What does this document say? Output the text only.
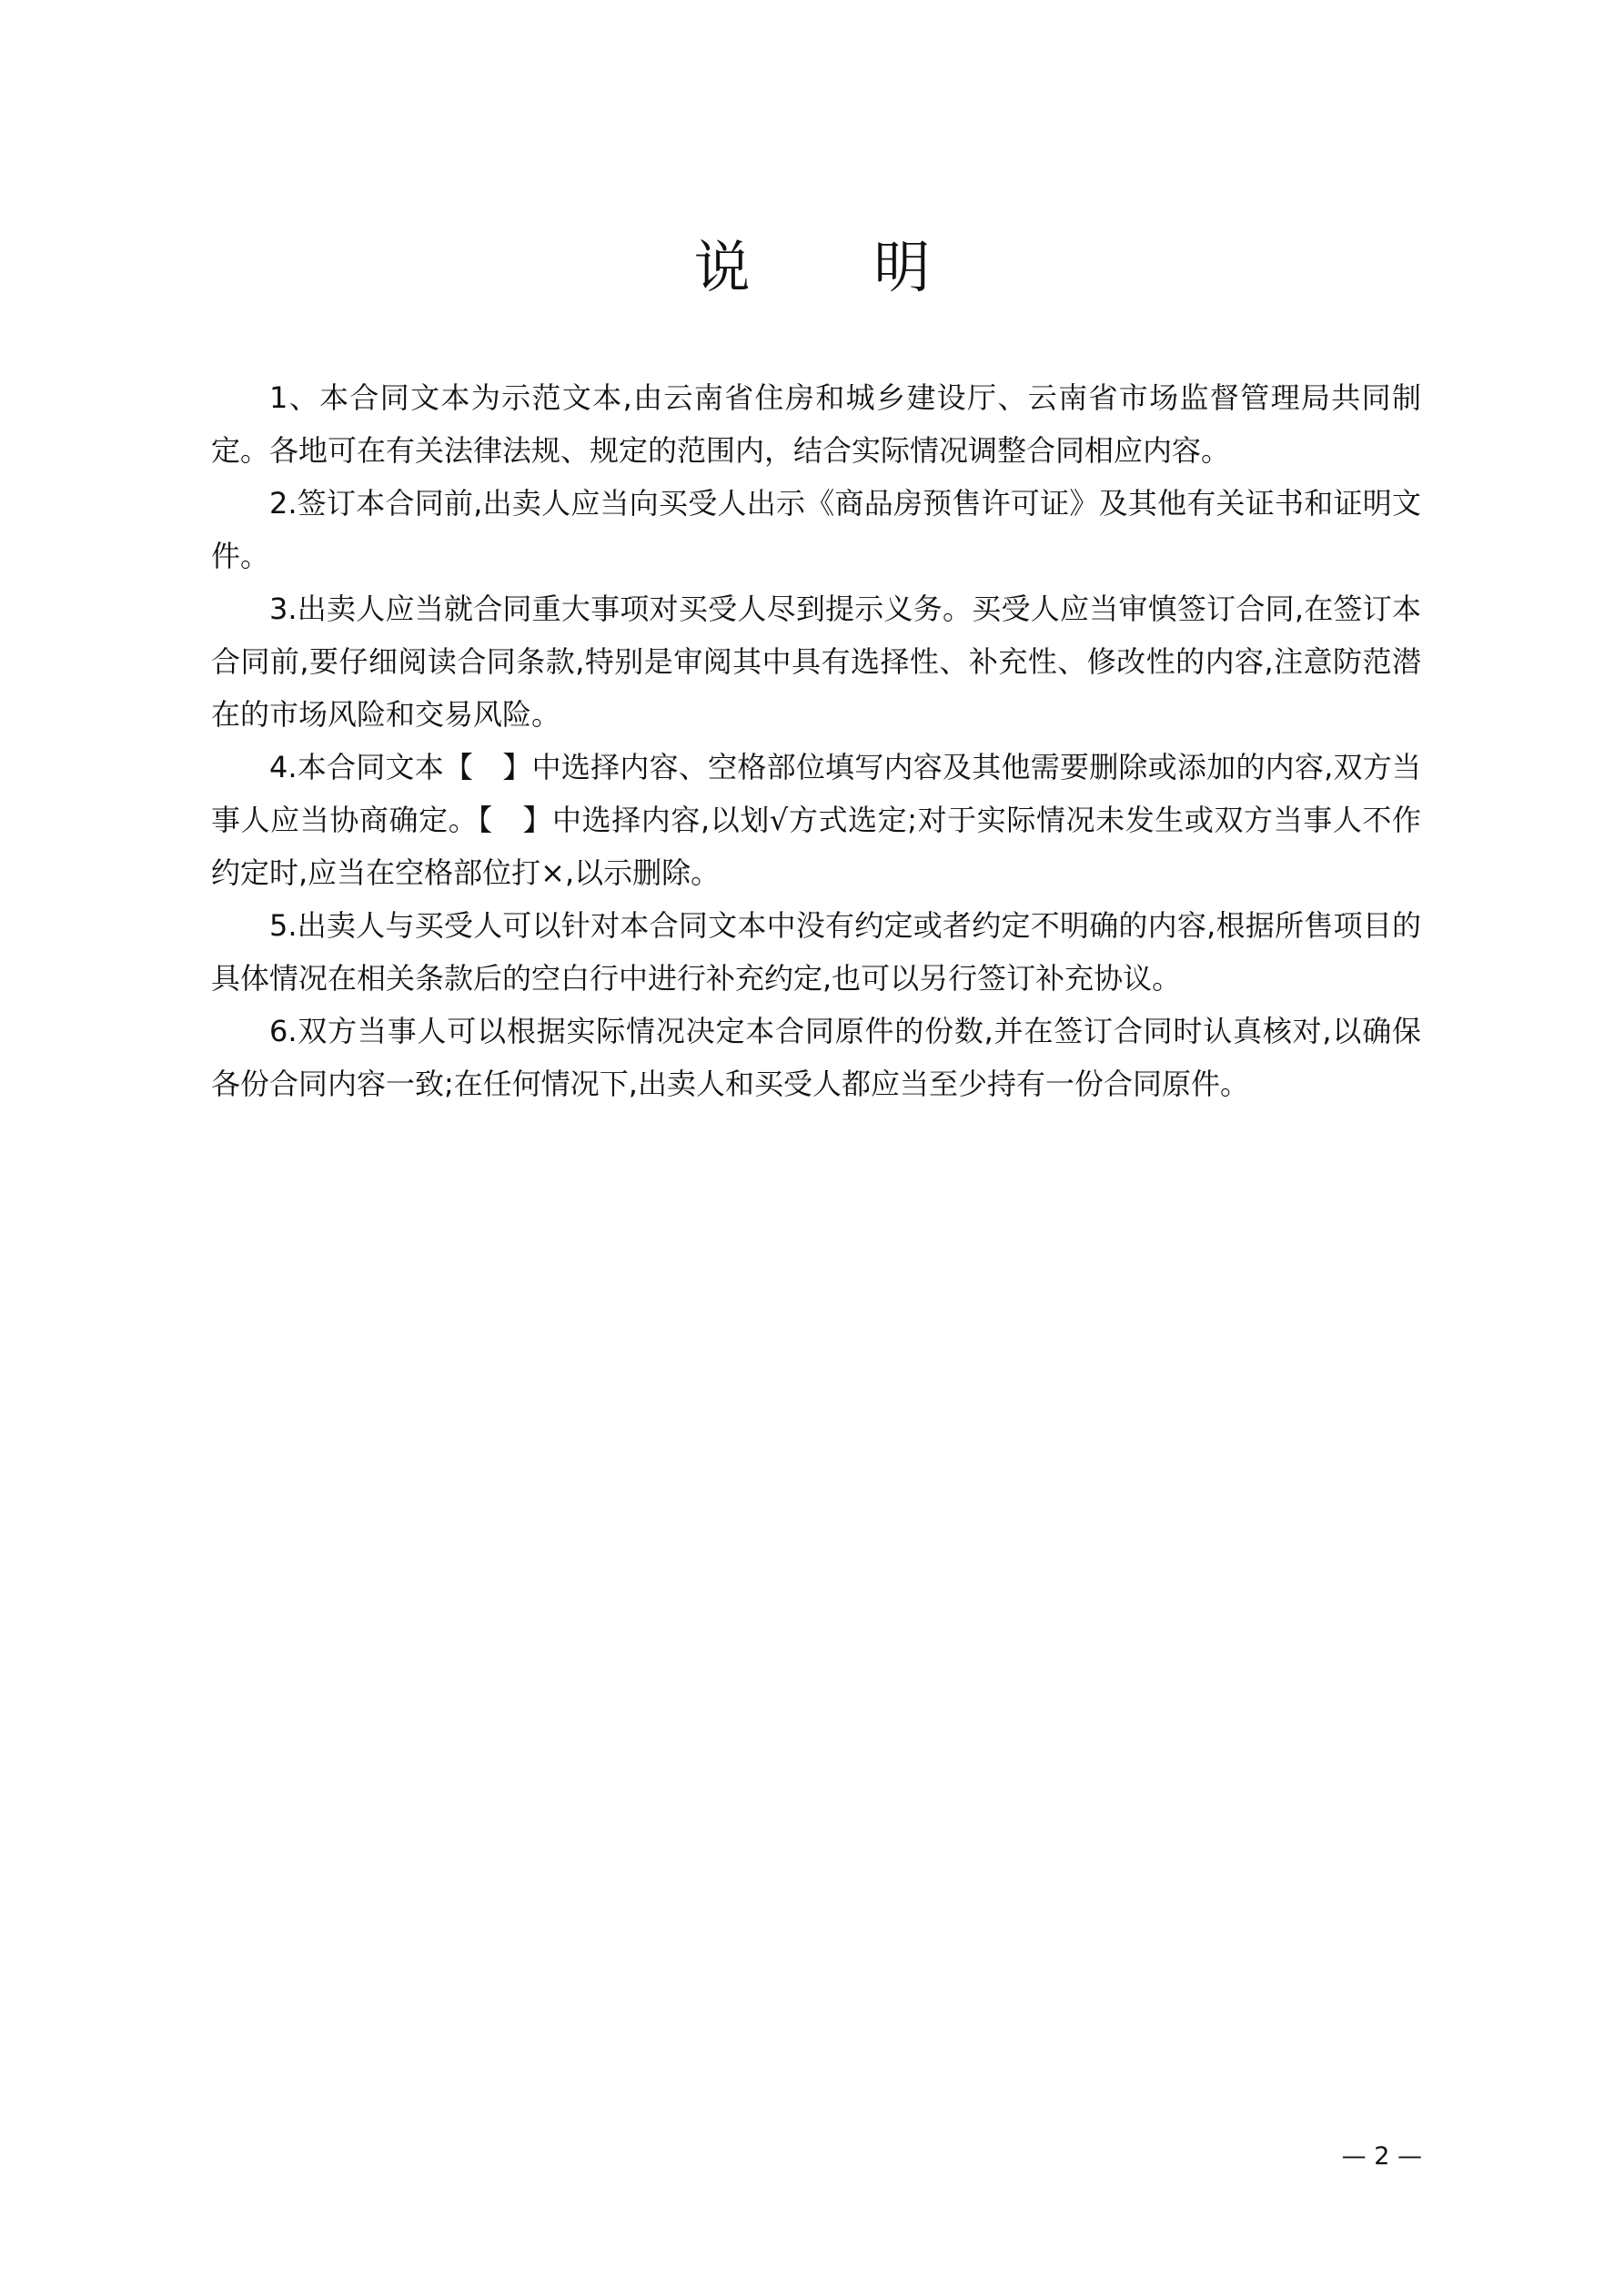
说 明

1、本合同文本为示范文本,由云南省住房和城乡建设厅、云南省市场监督管理局共同制定。各地可在有关法律法规、规定的范围内，结合实际情况调整合同相应内容。

2.签订本合同前,出卖人应当向买受人出示《商品房预售许可证》及其他有关证书和证明文件。

3.出卖人应当就合同重大事项对买受人尽到提示义务。买受人应当审慎签订合同,在签订本合同前,要仔细阅读合同条款,特别是审阅其中具有选择性、补充性、修改性的内容,注意防范潜在的市场风险和交易风险。

4.本合同文本【　】中选择内容、空格部位填写内容及其他需要删除或添加的内容,双方当事人应当协商确定。【　】中选择内容,以划√方式选定;对于实际情况未发生或双方当事人不作约定时,应当在空格部位打×,以示删除。

5.出卖人与买受人可以针对本合同文本中没有约定或者约定不明确的内容,根据所售项目的具体情况在相关条款后的空白行中进行补充约定,也可以另行签订补充协议。

6.双方当事人可以根据实际情况决定本合同原件的份数,并在签订合同时认真核对,以确保各份合同内容一致;在任何情况下,出卖人和买受人都应当至少持有一份合同原件。

— 2 —
